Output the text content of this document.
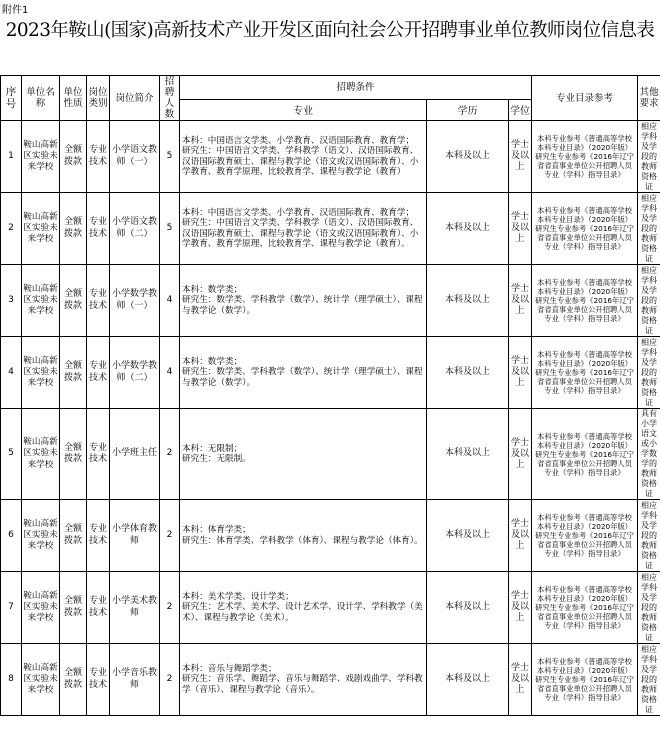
附件1
2023年鞍山(国家)高新技术产业开发区面向社会公开招聘事业单位教师岗位信息表
序号	单位名称	单位性质	岗位类别	岗位简介	招聘人数	招聘条件			专业目录参考	其他要求
						专业	学历	学位		
1	鞍山高新区实验未来学校	全额拨款	专业技术	小学语文教师（一）	5	本科：中国语言文学类、小学教育、汉语国际教育、教育学；
研究生：中国语言文学类、学科教学（语文）、汉语国际教育、汉语国际教育硕士、课程与教学论（语文或汉语国际教育）、小学教育、教育学原理、比较教育学、课程与教学论（教育）	本科及以上	学士及以上	本科专业参考《普通高等学校本科专业目录》（2020年版）
研究生专业参考《2016年辽宁省省直事业单位公开招聘人员专业（学科）指导目录》	相应学科及学段的教师资格证
2	鞍山高新区实验未来学校	全额拨款	专业技术	小学语文教师（二）	5	本科：中国语言文学类、小学教育、汉语国际教育、教育学；
研究生：中国语言文学类、学科教学（语文）、汉语国际教育、汉语国际教育硕士、课程与教学论（语文或汉语国际教育）、小学教育、教育学原理、比较教育学、课程与教学论（教育）。	本科及以上	学士及以上	本科专业参考《普通高等学校本科专业目录》（2020年版）
研究生专业参考《2016年辽宁省省直事业单位公开招聘人员专业（学科）指导目录》	相应学科及学段的教师资格证
3	鞍山高新区实验未来学校	全额拨款	专业技术	小学数学教师（一）	4	本科：数学类；
研究生：数学类、学科教学（数学）、统计学（理学硕士）、课程与教学论（数学）。	本科及以上	学士及以上	本科专业参考《普通高等学校本科专业目录》（2020年版）
研究生专业参考《2016年辽宁省省直事业单位公开招聘人员专业（学科）指导目录》	相应学科及学段的教师资格证
4	鞍山高新区实验未来学校	全额拨款	专业技术	小学数学教师（二）	4	本科：数学类；
研究生：数学类、学科教学（数学）、统计学（理学硕士）、课程与教学论（数学）。	本科及以上	学士及以上	本科专业参考《普通高等学校本科专业目录》（2020年版）
研究生专业参考《2016年辽宁省省直事业单位公开招聘人员专业（学科）指导目录》	相应学科及学段的教师资格证
5	鞍山高新区实验未来学校	全额拨款	专业技术	小学班主任	2	本科：无限制；
研究生：无限制。	本科及以上	学士及以上	本科专业参考《普通高等学校本科专业目录》（2020年版）
研究生专业参考《2016年辽宁省省直事业单位公开招聘人员专业（学科）指导目录》	具有小学语文或小学数学的教师资格证
6	鞍山高新区实验未来学校	全额拨款	专业技术	小学体育教师	2	本科：体育学类；
研究生：体育学类、学科教学（体育）、课程与教学论（体育）。	本科及以上	学士及以上	本科专业参考《普通高等学校本科专业目录》（2020年版）
研究生专业参考《2016年辽宁省省直事业单位公开招聘人员专业（学科）指导目录》	相应学科及学段的教师资格证
7	鞍山高新区实验未来学校	全额拨款	专业技术	小学美术教师	2	本科：美术学类、设计学类；
研究生：艺术学、美术学、设计艺术学、设计学、学科教学（美术）、课程与教学论（美术）。	本科及以上	学士及以上	本科专业参考《普通高等学校本科专业目录》（2020年版）
研究生专业参考《2016年辽宁省省直事业单位公开招聘人员专业（学科）指导目录》	相应学科及学段的教师资格证
8	鞍山高新区实验未来学校	全额拨款	专业技术	小学音乐教师	2	本科：音乐与舞蹈学类；
研究生：音乐学、舞蹈学、音乐与舞蹈学、戏剧戏曲学、学科教学（音乐）、课程与教学论（音乐）。	本科及以上	学士及以上	本科专业参考《普通高等学校本科专业目录》（2020年版）
研究生专业参考《2016年辽宁省省直事业单位公开招聘人员专业（学科）指导目录》	相应学科及学段的教师资格证
